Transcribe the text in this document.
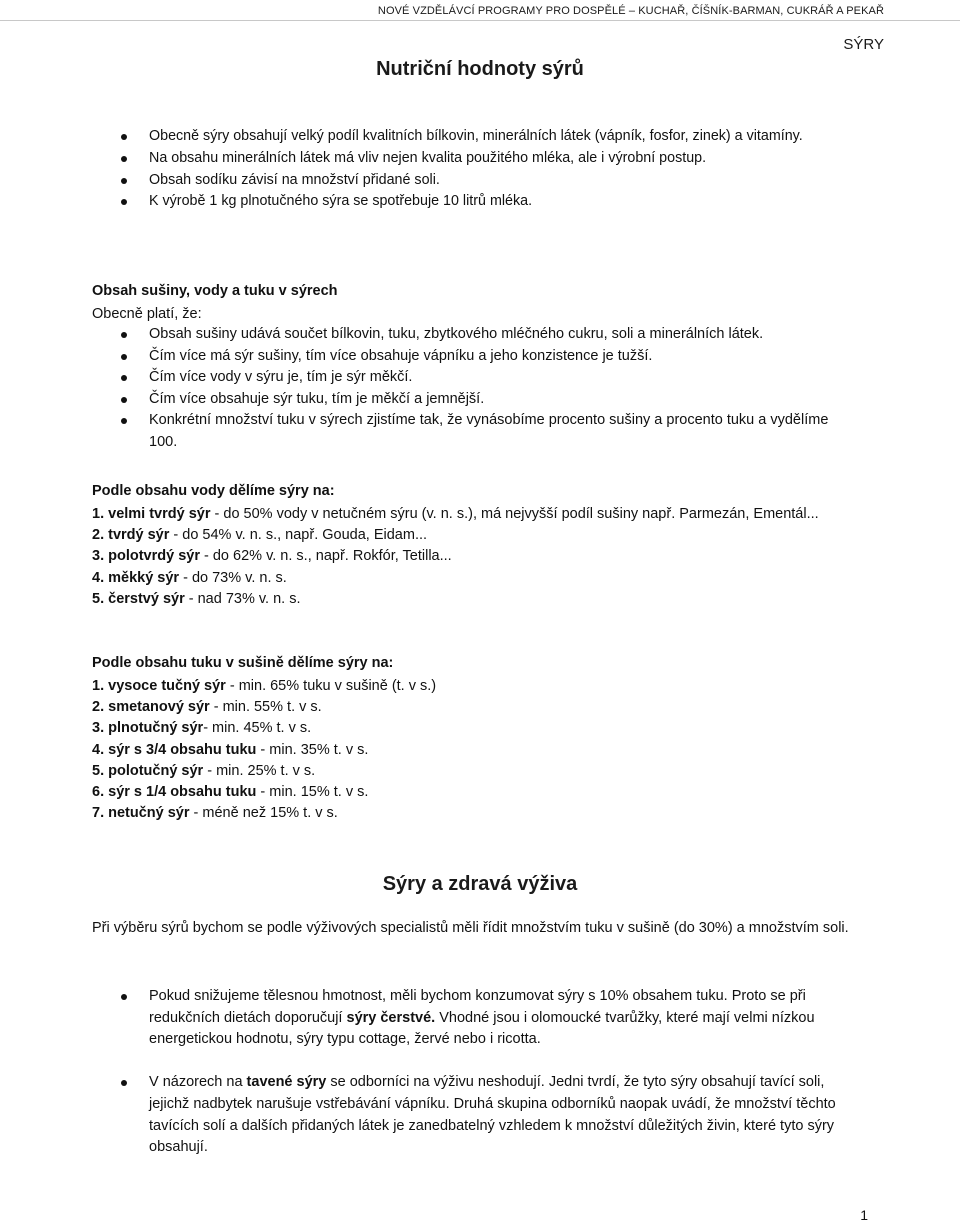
NOVÉ VZDĚLÁVCÍ PROGRAMY PRO DOSPĚLÉ – KUCHAŘ, ČÍŠNÍK-BARMAN, CUKRÁŘ A PEKAŘ
SÝRY
Nutriční hodnoty sýrů
Obecně sýry obsahují velký podíl kvalitních bílkovin, minerálních látek (vápník, fosfor, zinek) a vitamíny.
Na obsahu minerálních látek má vliv nejen kvalita použitého mléka, ale i výrobní postup.
Obsah sodíku závisí na množství přidané soli.
K výrobě 1 kg plnotučného sýra se spotřebuje 10 litrů mléka.
Obsah sušiny, vody a tuku v sýrech
Obecně platí, že:
Obsah sušiny udává součet bílkovin, tuku, zbytkového mléčného cukru, soli a minerálních látek.
Čím více má sýr sušiny, tím více obsahuje vápníku a jeho konzistence je tužší.
Čím více vody v sýru je, tím je sýr měkčí.
Čím více obsahuje sýr tuku, tím je měkčí a jemnější.
Konkrétní množství tuku v sýrech zjistíme tak, že vynásobíme procento sušiny a procento tuku a vydělíme 100.
Podle obsahu vody dělíme sýry na:
1. velmi tvrdý sýr - do 50% vody v netučném sýru (v. n. s.), má nejvyšší podíl sušiny např. Parmezán, Ementál...
2. tvrdý sýr - do 54% v. n. s., např. Gouda, Eidam...
3. polotvrdý sýr - do 62% v. n. s., např. Rokfór, Tetilla...
4. měkký sýr - do 73% v. n. s.
5. čerstvý sýr - nad 73% v. n. s.
Podle obsahu tuku v sušině dělíme sýry na:
1. vysoce tučný sýr - min. 65% tuku v sušině (t. v s.)
2. smetanový sýr - min. 55% t. v s.
3. plnotučný sýr- min. 45% t. v s.
4. sýr s 3/4 obsahu tuku - min. 35% t. v s.
5. polotučný sýr - min. 25% t. v s.
6. sýr s 1/4 obsahu tuku - min. 15% t. v s.
7. netučný sýr - méně než 15% t. v s.
Sýry a zdravá výživa
Při výběru sýrů bychom se podle výživových specialistů měli řídit množstvím tuku v sušině (do 30%) a množstvím soli.
Pokud snižujeme tělesnou hmotnost, měli bychom konzumovat sýry s 10% obsahem tuku. Proto se při redukčních dietách doporučují sýry čerstvé. Vhodné jsou i olomoucké tvarůžky, které mají velmi nízkou energetickou hodnotu, sýry typu cottage, žervé nebo i ricotta.
V názorech na tavené sýry se odborníci na výživu neshodují. Jedni tvrdí, že tyto sýry obsahují tavící soli, jejichž nadbytek narušuje vstřebávání vápníku. Druhá skupina odborníků naopak uvádí, že množství těchto tavících solí a dalších přidaných látek je zanedbatelný vzhledem k množství důležitých živin, které tyto sýry obsahují.
1
